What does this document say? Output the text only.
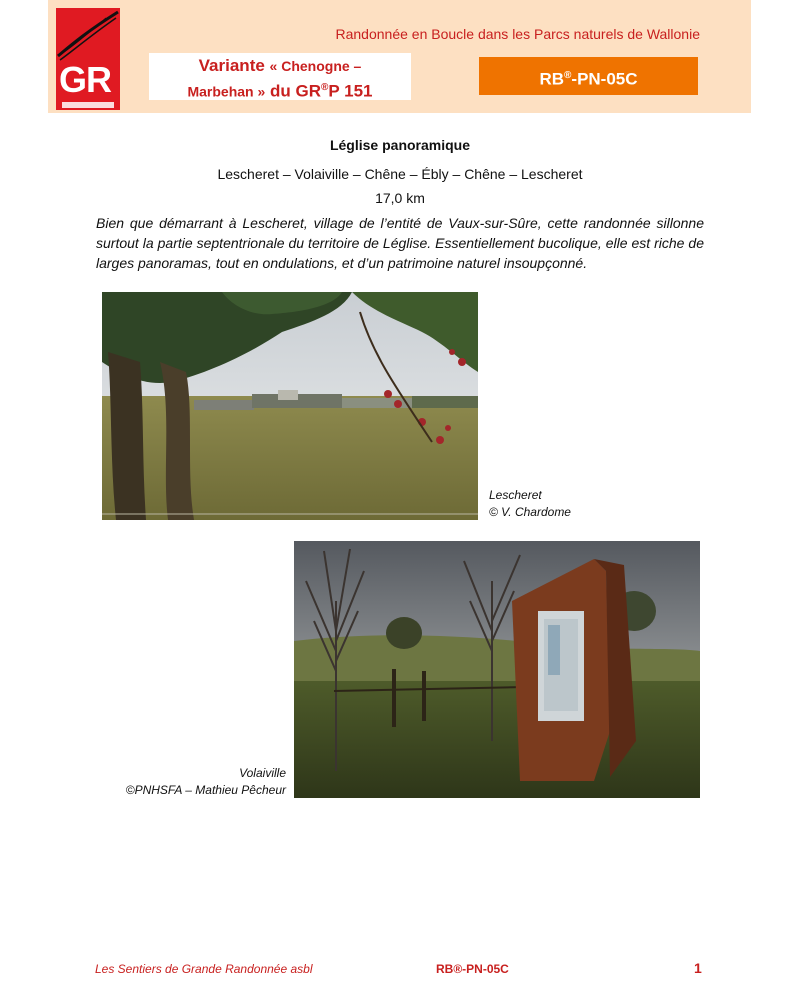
GR
Randonnée en Boucle dans les Parcs naturels de Wallonie
Variante « Chenogne –
Marbehan » du GR®P 151
RB®-PN-05C
Léglise panoramique
Lescheret – Volaiville – Chêne – Ébly – Chêne – Lescheret
17,0 km
Bien que démarrant à Lescheret, village de l’entité de Vaux-sur-Sûre, cette randonnée sillonne surtout la partie septentrionale du territoire de Léglise. Essentiellement bucolique, elle est riche de larges panoramas, tout en ondulations, et d’un patrimoine naturel insoupçonné.
Lescheret
© V. Chardome
Volaiville
©PNHSFA – Mathieu Pêcheur
Les Sentiers de Grande Randonnée asbl	RB®-PN-05C	1
